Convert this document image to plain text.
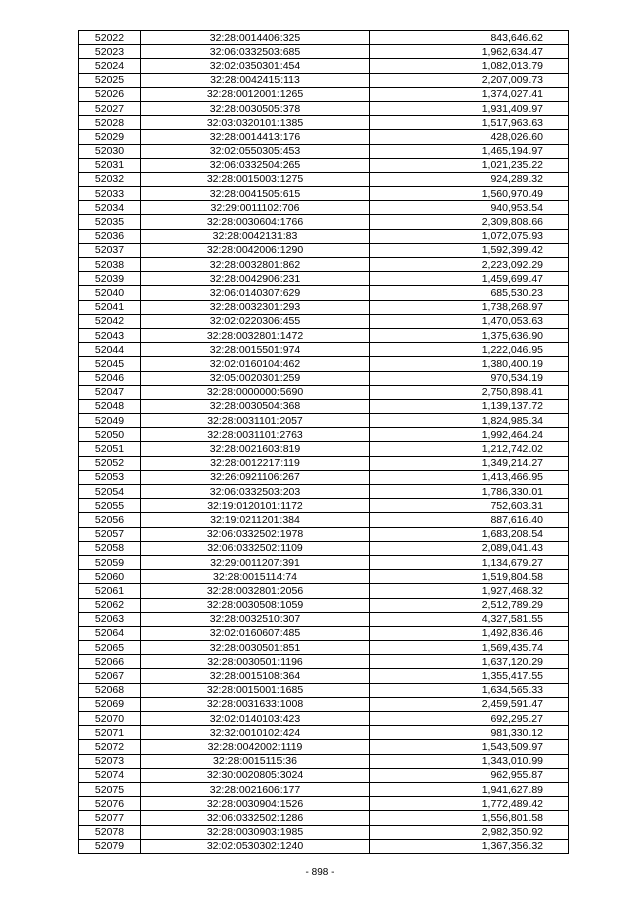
52022	32:28:0014406:325	843,646.62
52023	32:06:0332503:685	1,962,634.47
52024	32:02:0350301:454	1,082,013.79
52025	32:28:0042415:113	2,207,009.73
52026	32:28:0012001:1265	1,374,027.41
52027	32:28:0030505:378	1,931,409.97
52028	32:03:0320101:1385	1,517,963.63
52029	32:28:0014413:176	428,026.60
52030	32:02:0550305:453	1,465,194.97
52031	32:06:0332504:265	1,021,235.22
52032	32:28:0015003:1275	924,289.32
52033	32:28:0041505:615	1,560,970.49
52034	32:29:0011102:706	940,953.54
52035	32:28:0030604:1766	2,309,808.66
52036	32:28:0042131:83	1,072,075.93
52037	32:28:0042006:1290	1,592,399.42
52038	32:28:0032801:862	2,223,092.29
52039	32:28:0042906:231	1,459,699.47
52040	32:06:0140307:629	685,530.23
52041	32:28:0032301:293	1,738,268.97
52042	32:02:0220306:455	1,470,053.63
52043	32:28:0032801:1472	1,375,636.90
52044	32:28:0015501:974	1,222,046.95
52045	32:02:0160104:462	1,380,400.19
52046	32:05:0020301:259	970,534.19
52047	32:28:0000000:5690	2,750,898.41
52048	32:28:0030504:368	1,139,137.72
52049	32:28:0031101:2057	1,824,985.34
52050	32:28:0031101:2763	1,992,464.24
52051	32:28:0021603:819	1,212,742.02
52052	32:28:0012217:119	1,349,214.27
52053	32:26:0921106:267	1,413,466.95
52054	32:06:0332503:203	1,786,330.01
52055	32:19:0120101:1172	752,603.31
52056	32:19:0211201:384	887,616.40
52057	32:06:0332502:1978	1,683,208.54
52058	32:06:0332502:1109	2,089,041.43
52059	32:29:0011207:391	1,134,679.27
52060	32:28:0015114:74	1,519,804.58
52061	32:28:0032801:2056	1,927,468.32
52062	32:28:0030508:1059	2,512,789.29
52063	32:28:0032510:307	4,327,581.55
52064	32:02:0160607:485	1,492,836.46
52065	32:28:0030501:851	1,569,435.74
52066	32:28:0030501:1196	1,637,120.29
52067	32:28:0015108:364	1,355,417.55
52068	32:28:0015001:1685	1,634,565.33
52069	32:28:0031633:1008	2,459,591.47
52070	32:02:0140103:423	692,295.27
52071	32:32:0010102:424	981,330.12
52072	32:28:0042002:1119	1,543,509.97
52073	32:28:0015115:36	1,343,010.99
52074	32:30:0020805:3024	962,955.87
52075	32:28:0021606:177	1,941,627.89
52076	32:28:0030904:1526	1,772,489.42
52077	32:06:0332502:1286	1,556,801.58
52078	32:28:0030903:1985	2,982,350.92
52079	32:02:0530302:1240	1,367,356.32
- 898 -
